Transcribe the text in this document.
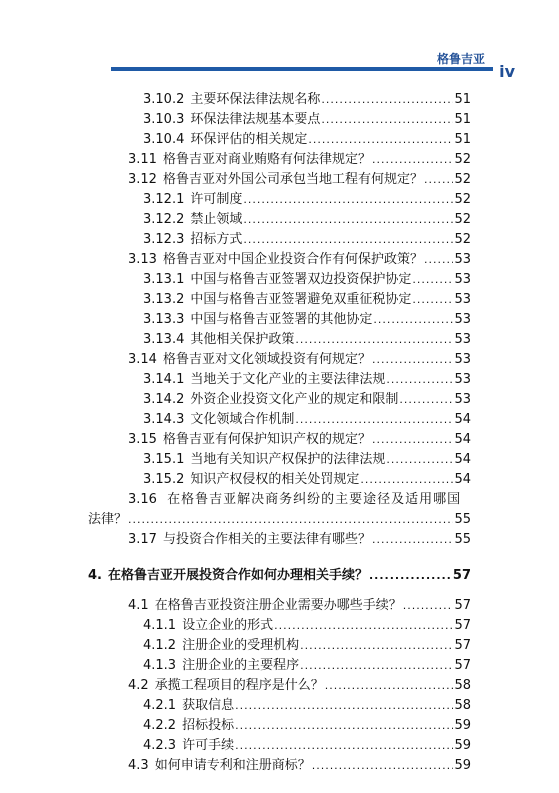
格鲁吉亚
iv
3.10.2 主要环保法律法规名称 .....	51
3.10.3 环保法律法规基本要点 .....	51
3.10.4 环保评估的相关规定 .....	51
3.11 格鲁吉亚对商业贿赂有何法律规定？ .....	52
3.12 格鲁吉亚对外国公司承包当地工程有何规定？ ..... 52
3.12.1 许可制度 .....	52
3.12.2 禁止领域 .....	52
3.12.3 招标方式 .....	52
3.13 格鲁吉亚对中国企业投资合作有何保护政策？ ..... 53
3.13.1 中国与格鲁吉亚签署双边投资保护协定 .....	53
3.13.2 中国与格鲁吉亚签署避免双重征税协定 .....	53
3.13.3 中国与格鲁吉亚签署的其他协定 .....	53
3.13.4 其他相关保护政策 .....	53
3.14 格鲁吉亚对文化领域投资有何规定？ .....	53
3.14.1 当地关于文化产业的主要法律法规 .....	53
3.14.2 外资企业投资文化产业的规定和限制 .....	53
3.14.3 文化领域合作机制 .....	54
3.15 格鲁吉亚有何保护知识产权的规定？ .....	54
3.15.1 当地有关知识产权保护的法律法规 .....	54
3.15.2 知识产权侵权的相关处罚规定 .....	54
3.16 在格鲁吉亚解决商务纠纷的主要途径及适用哪国
法律？ .....	55
3.17 与投资合作相关的主要法律有哪些？ .....	55
4. 在格鲁吉亚开展投资合作如何办理相关手续？ .....	57
4.1 在格鲁吉亚投资注册企业需要办哪些手续？ .....	57
4.1.1 设立企业的形式 .....	57
4.1.2 注册企业的受理机构 .....	57
4.1.3 注册企业的主要程序 .....	57
4.2 承揽工程项目的程序是什么？ .....	58
4.2.1 获取信息 .....	58
4.2.2 招标投标 .....	59
4.2.3 许可手续 .....	59
4.3 如何申请专利和注册商标？ .....	59
